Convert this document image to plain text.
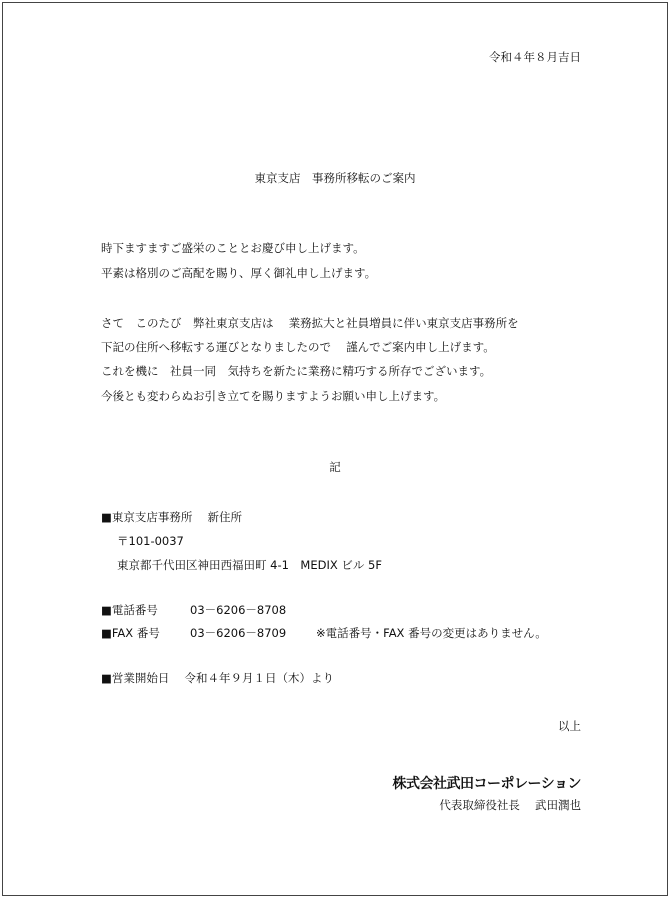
令和４年８月吉日
東京支店　事務所移転のご案内
時下ますますご盛栄のこととお慶び申し上げます。
平素は格別のご高配を賜り、厚く御礼申し上げます。
さて　このたび　弊社東京支店は　 業務拡大と社員増員に伴い東京支店事務所を
下記の住所へ移転する運びとなりましたので　 謹んでご案内申し上げます。
これを機に　社員一同　気持ちを新たに業務に精巧する所存でございます。
今後とも変わらぬお引き立てを賜りますようお願い申し上げます。
記
■東京支店事務所　 新住所
〒101-0037
東京都千代田区神田西福田町 4-1　MEDIX ビル 5F
■電話番号	03－6206－8708
■FAX 番号	03－6206－8709	※電話番号・FAX 番号の変更はありません。
■営業開始日　 令和４年９月１日（木）より
以上
株式会社武田コーポレーション
代表取締役社長　 武田潤也
